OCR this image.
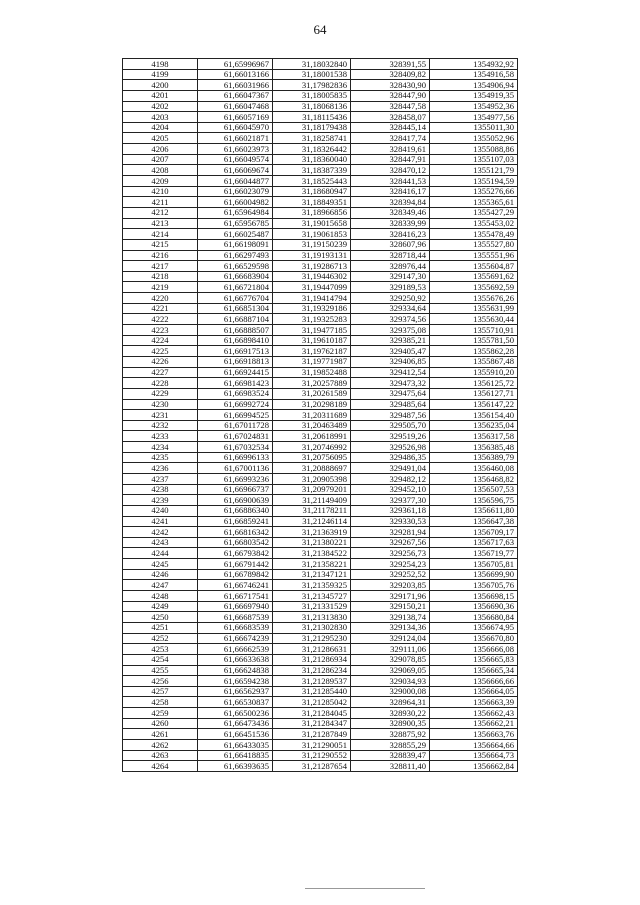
64
4198	61,65996967	31,18032840	328391,55	1354932,92
4199	61,66013166	31,18001538	328409,82	1354916,58
4200	61,66031966	31,17982836	328430,90	1354906,94
4201	61,66047367	31,18005835	328447,90	1354919,35
4202	61,66047468	31,18068136	328447,58	1354952,36
4203	61,66057169	31,18115436	328458,07	1354977,56
4204	61,66045970	31,18179438	328445,14	1355011,30
4205	61,66021871	31,18258741	328417,74	1355052,96
4206	61,66023973	31,18326442	328419,61	1355088,86
4207	61,66049574	31,18360040	328447,91	1355107,03
4208	61,66069674	31,18387339	328470,12	1355121,79
4209	61,66044877	31,18525443	328441,53	1355194,59
4210	61,66023079	31,18680947	328416,17	1355276,66
4211	61,66004982	31,18849351	328394,84	1355365,61
4212	61,65964984	31,18966856	328349,46	1355427,29
4213	61,65956785	31,19015658	328339,99	1355453,02
4214	61,66025487	31,19061853	328416,23	1355478,49
4215	61,66198091	31,19150239	328607,96	1355527,80
4216	61,66297493	31,19193131	328718,44	1355551,96
4217	61,66529598	31,19286713	328976,44	1355604,87
4218	61,66683904	31,19446302	329147,30	1355691,62
4219	61,66721804	31,19447099	329189,53	1355692,59
4220	61,66776704	31,19414794	329250,92	1355676,26
4221	61,66851304	31,19329186	329334,64	1355631,99
4222	61,66887104	31,19325283	329374,56	1355630,44
4223	61,66888507	31,19477185	329375,08	1355710,91
4224	61,66898410	31,19610187	329385,21	1355781,50
4225	61,66917513	31,19762187	329405,47	1355862,28
4226	61,66918813	31,19771987	329406,85	1355867,48
4227	61,66924415	31,19852488	329412,54	1355910,20
4228	61,66981423	31,20257889	329473,32	1356125,72
4229	61,66983524	31,20261589	329475,64	1356127,71
4230	61,66992724	31,20298189	329485,64	1356147,22
4231	61,66994525	31,20311689	329487,56	1356154,40
4232	61,67011728	31,20463489	329505,70	1356235,04
4233	61,67024831	31,20618991	329519,26	1356317,58
4234	61,67032534	31,20746992	329526,98	1356385,48
4235	61,66996133	31,20756095	329486,35	1356389,79
4236	61,67001136	31,20888697	329491,04	1356460,08
4237	61,66993236	31,20905398	329482,12	1356468,82
4238	61,66966737	31,20979201	329452,10	1356507,53
4239	61,66900639	31,21149409	329377,30	1356596,75
4240	61,66886340	31,21178211	329361,18	1356611,80
4241	61,66859241	31,21246114	329330,53	1356647,38
4242	61,66816342	31,21363919	329281,94	1356709,17
4243	61,66803542	31,21380221	329267,56	1356717,63
4244	61,66793842	31,21384522	329256,73	1356719,77
4245	61,66791442	31,21358221	329254,23	1356705,81
4246	61,66789842	31,21347121	329252,52	1356699,90
4247	61,66746241	31,21359325	329203,85	1356705,76
4248	61,66717541	31,21345727	329171,96	1356698,15
4249	61,66697940	31,21331529	329150,21	1356690,36
4250	61,66687539	31,21313830	329138,74	1356680,84
4251	61,66683539	31,21302830	329134,36	1356674,95
4252	61,66674239	31,21295230	329124,04	1356670,80
4253	61,66662539	31,21286631	329111,06	1356666,08
4254	61,66633638	31,21286934	329078,85	1356665,83
4255	61,66624838	31,21286234	329069,05	1356665,34
4256	61,66594238	31,21289537	329034,93	1356666,66
4257	61,66562937	31,21285440	329000,08	1356664,05
4258	61,66530837	31,21285042	328964,31	1356663,39
4259	61,66500236	31,21284045	328930,22	1356662,43
4260	61,66473436	31,21284347	328900,35	1356662,21
4261	61,66451536	31,21287849	328875,92	1356663,76
4262	61,66433035	31,21290051	328855,29	1356664,66
4263	61,66418835	31,21290552	328839,47	1356664,73
4264	61,66393635	31,21287654	328811,40	1356662,84
